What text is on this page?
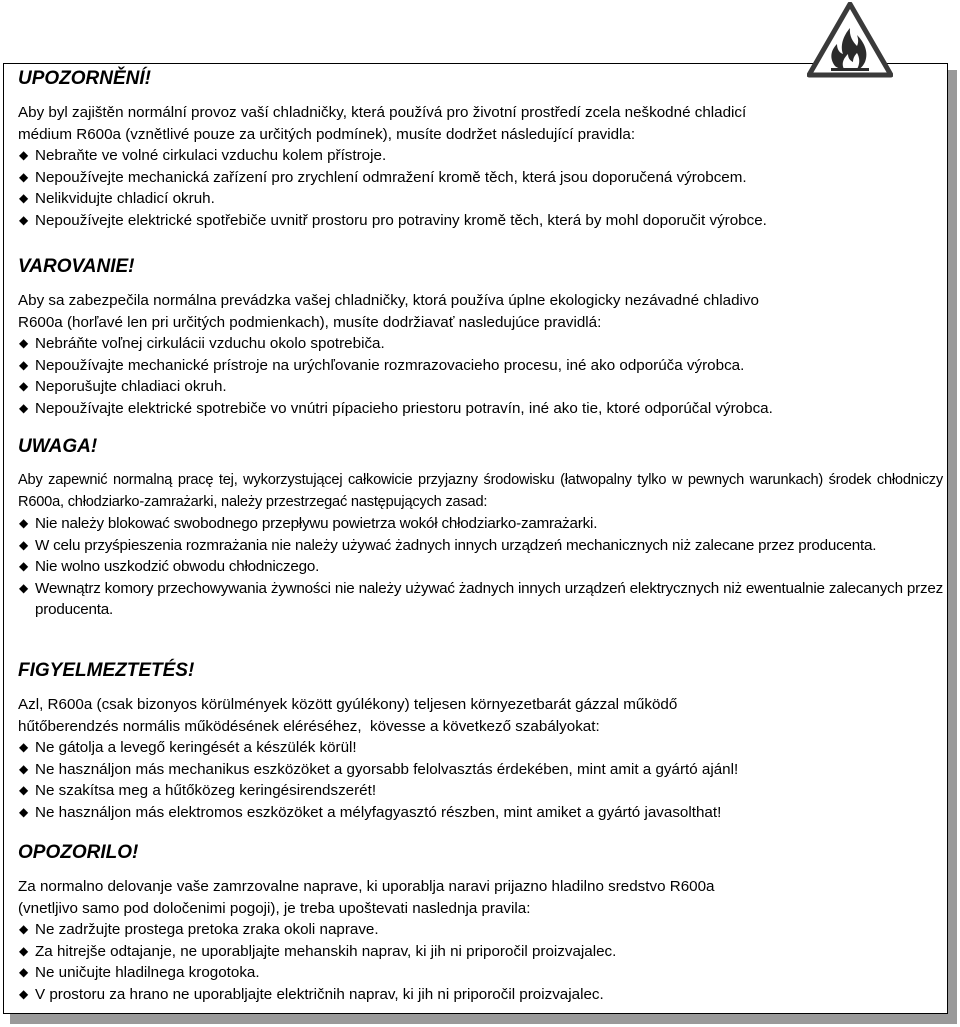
UPOZORNĚNÍ!

Aby byl zajištěn normální provoz vaší chladničky, která používá pro životní prostředí zcela neškodné chladicí
médium R600a (vznětlivé pouze za určitých podmínek), musíte dodržet následující pravidla:

◆ Nebraňte ve volné cirkulaci vzduchu kolem přístroje.
◆ Nepoužívejte mechanická zařízení pro zrychlení odmražení kromě těch, která jsou doporučená výrobcem.
◆ Nelikvidujte chladicí okruh.
◆ Nepoužívejte elektrické spotřebiče uvnitř prostoru pro potraviny kromě těch, která by mohl doporučit výrobce.
VAROVANIE!

Aby sa zabezpečila normálna prevádzka vašej chladničky, ktorá používa úplne ekologicky nezávadné chladivo
R600a (horľavé len pri určitých podmienkach), musíte dodržiavať nasledujúce pravidlá:

◆ Nebráňte voľnej cirkulácii vzduchu okolo spotrebiča.
◆ Nepoužívajte mechanické prístroje na urýchľovanie rozmrazovacieho procesu, iné ako odporúča výrobca.
◆ Neporušujte chladiaci okruh.
◆ Nepoužívajte elektrické spotrebiče vo vnútri pípacieho priestoru potravín, iné ako tie, ktoré odporúčal výrobca.
UWAGA!

Aby zapewnić normalną pracę tej, wykorzystującej całkowicie przyjazny środowisku (łatwopalny tylko w pewnych warunkach) środek chłodniczy R600a, chłodziarko-zamrażarki, należy przestrzegać następujących zasad:

◆ Nie należy blokować swobodnego przepływu powietrza wokół chłodziarko-zamrażarki.
◆ W celu przyśpieszenia rozmrażania nie należy używać żadnych innych urządzeń mechanicznych niż zalecane przez producenta.
◆ Nie wolno uszkodzić obwodu chłodniczego.
◆ Wewnątrz komory przechowywania żywności nie należy używać żadnych innych urządzeń elektrycznych niż ewentualnie zalecanych przez producenta.
FIGYELMEZTETÉS!

Azl, R600a (csak bizonyos körülmények között gyúlékony) teljesen környezetbarát gázzal működő
hűtőberendzés normális működésének eléréséhez,  kövesse a következő szabályokat:

◆ Ne gátolja a levegő keringését a készülék körül!
◆ Ne használjon más mechanikus eszközöket a gyorsabb felolvasztás érdekében, mint amit a gyártó ajánl!
◆ Ne szakítsa meg a hűtőközeg keringésirendszerét!
◆ Ne használjon más elektromos eszközöket a mélyfagyasztó részben, mint amiket a gyártó javasolthat!
OPOZORILO!

Za normalno delovanje vaše zamrzovalne naprave, ki uporablja naravi prijazno hladilno sredstvo R600a
(vnetljivo samo pod določenimi pogoji), je treba upoštevati naslednja pravila:

◆ Ne zadržujte prostega pretoka zraka okoli naprave.
◆ Za hitrejše odtajanje, ne uporabljajte mehanskih naprav, ki jih ni priporočil proizvajalec.
◆ Ne uničujte hladilnega krogotoka.
◆ V prostoru za hrano ne uporabljajte električnih naprav, ki jih ni priporočil proizvajalec.
